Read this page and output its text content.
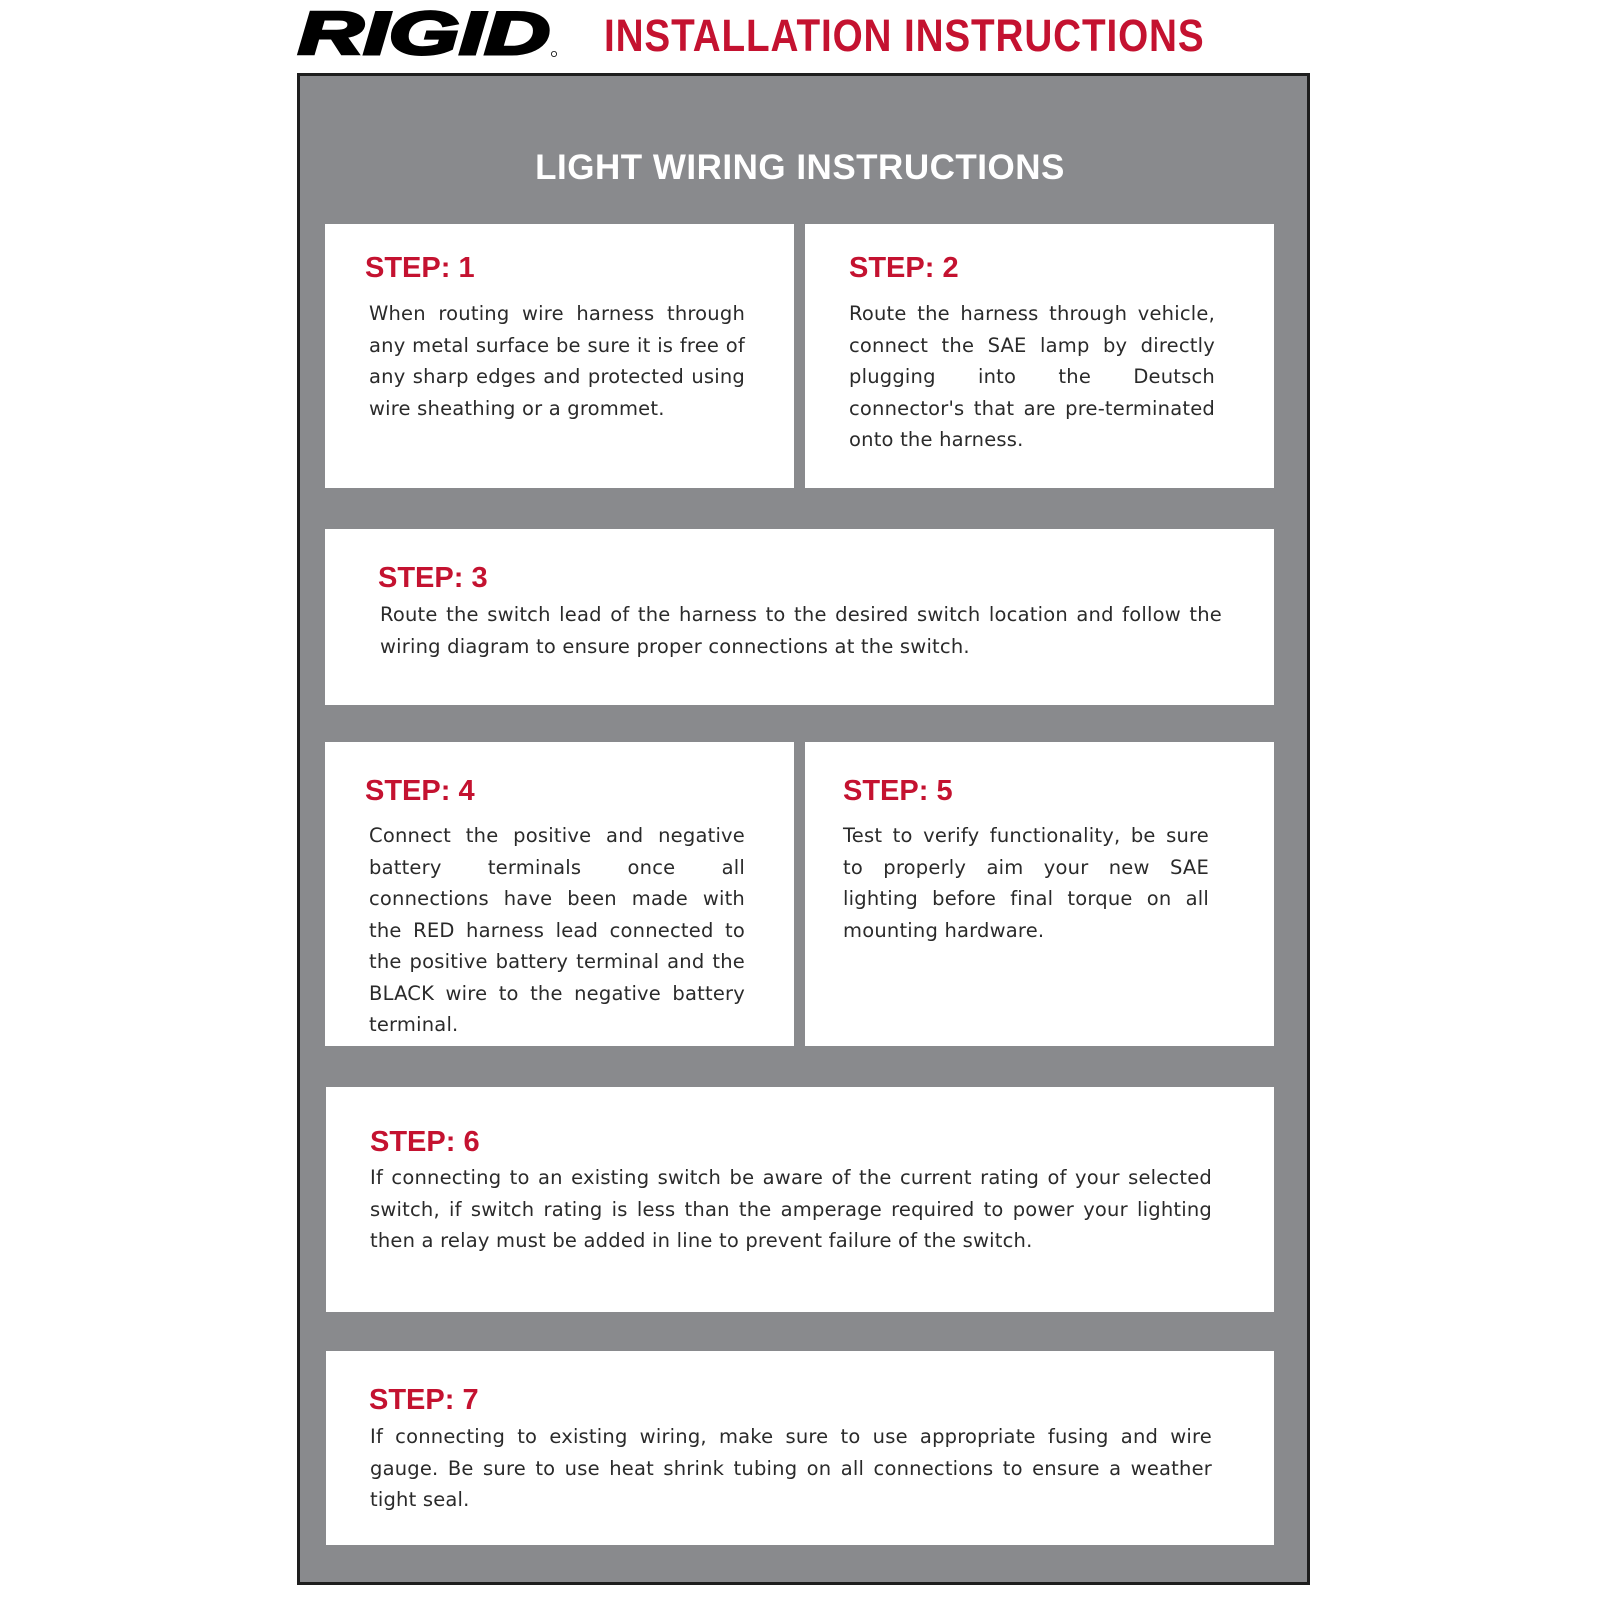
RIGID INSTALLATION INSTRUCTIONS
LIGHT WIRING INSTRUCTIONS
STEP: 1
When routing wire harness through any metal surface be sure it is free of any sharp edges and protected using wire sheathing or a grommet.
STEP: 2
Route the harness through vehicle, connect the SAE lamp by directly plugging into the Deutsch connector's that are pre-terminated onto the harness.
STEP: 3
Route the switch lead of the harness to the desired switch location and follow the wiring diagram to ensure proper connections at the switch.
STEP: 4
Connect the positive and negative battery terminals once all connections have been made with the RED harness lead connected to the positive battery terminal and the BLACK wire to the negative battery terminal.
STEP: 5
Test to verify functionality, be sure to properly aim your new SAE lighting before final torque on all mounting hardware.
STEP: 6
If connecting to an existing switch be aware of the current rating of your selected switch, if switch rating is less than the amperage required to power your lighting then a relay must be added in line to prevent failure of the switch.
STEP: 7
If connecting to existing wiring, make sure to use appropriate fusing and wire gauge. Be sure to use heat shrink tubing on all connections to ensure a weather tight seal.
